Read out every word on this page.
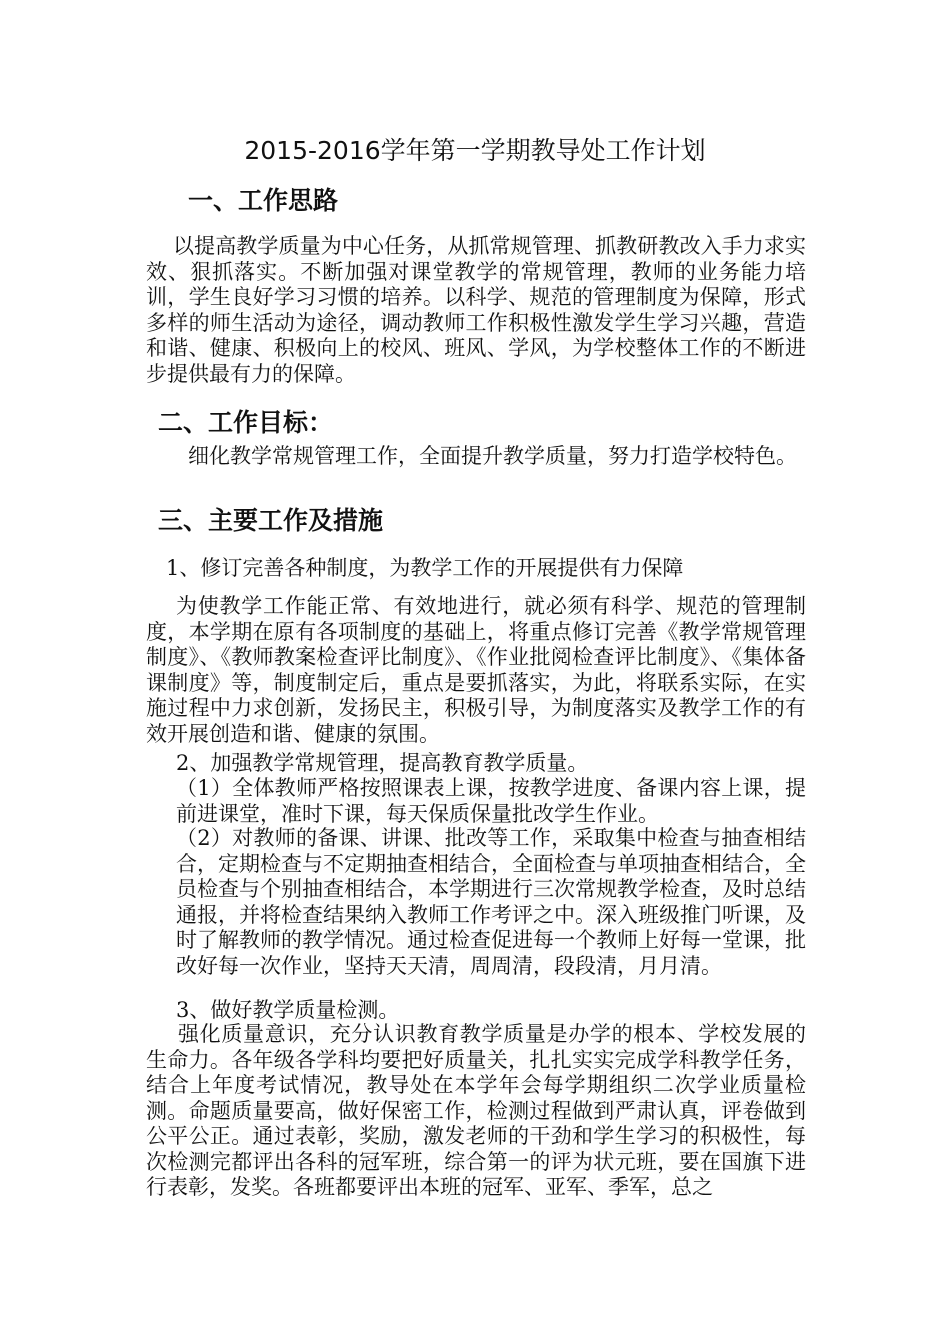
2015-2016学年第一学期教导处工作计划
一、工作思路
以提高教学质量为中心任务，从抓常规管理、抓教研教改入手力求实效、狠抓落实。不断加强对课堂教学的常规管理，教师的业务能力培训，学生良好学习习惯的培养。以科学、规范的管理制度为保障，形式多样的师生活动为途径，调动教师工作积极性激发学生学习兴趣，营造和谐、健康、积极向上的校风、班风、学风，为学校整体工作的不断进步提供最有力的保障。
二、工作目标：
细化教学常规管理工作，全面提升教学质量，努力打造学校特色。
三、主要工作及措施
1、修订完善各种制度，为教学工作的开展提供有力保障
为使教学工作能正常、有效地进行，就必须有科学、规范的管理制度，本学期在原有各项制度的基础上，将重点修订完善《教学常规管理制度》、《教师教案检查评比制度》、《作业批阅检查评比制度》、《集体备课制度》等，制度制定后，重点是要抓落实，为此，将联系实际，在实施过程中力求创新，发扬民主，积极引导，为制度落实及教学工作的有效开展创造和谐、健康的氛围。
2、加强教学常规管理，提高教育教学质量。
（1）全体教师严格按照课表上课，按教学进度、备课内容上课，提前进课堂，准时下课，每天保质保量批改学生作业。
（2）对教师的备课、讲课、批改等工作，采取集中检查与抽查相结合，定期检查与不定期抽查相结合，全面检查与单项抽查相结合，全员检查与个别抽查相结合，本学期进行三次常规教学检查，及时总结通报，并将检查结果纳入教师工作考评之中。深入班级推门听课，及时了解教师的教学情况。通过检查促进每一个教师上好每一堂课，批改好每一次作业，坚持天天清，周周清，段段清，月月清。
3、做好教学质量检测。
强化质量意识，充分认识教育教学质量是办学的根本、学校发展的生命力。各年级各学科均要把好质量关，扎扎实实完成学科教学任务，结合上年度考试情况，教导处在本学年会每学期组织二次学业质量检测。命题质量要高，做好保密工作，检测过程做到严肃认真，评卷做到公平公正。通过表彰，奖励，激发老师的干劲和学生学习的积极性，每次检测完都评出各科的冠军班，综合第一的评为状元班，要在国旗下进行表彰，发奖。各班都要评出本班的冠军、亚军、季军，总之
